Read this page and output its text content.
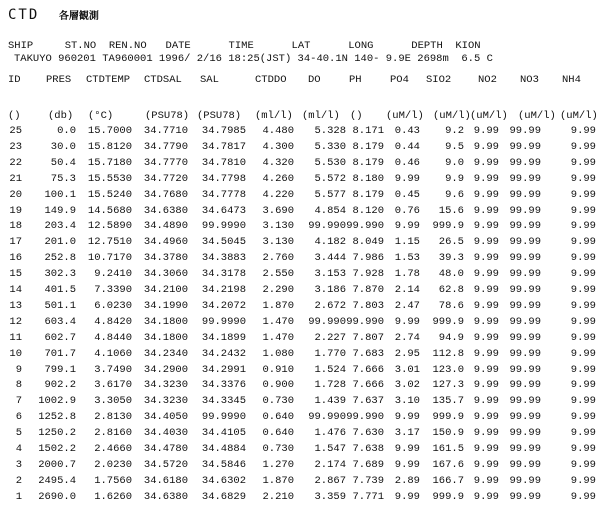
CTD 各層観測
SHIP     ST.NO  REN.NO   DATE      TIME      LAT      LONG      DEPTH  KION
TAKUYO 960201 TA960001 1996/ 2/16 18:25(JST) 34-40.1N 140- 9.9E 2698m  6.5 C
ID PRES CTDTEMP CTDSAL SAL	CTDDO DO	PH	PO4 SIO2	NO2 NO3 NH4
()	(db) (°C)	(PSU78) (PSU78) (ml/l) (ml/l) () (uM/l) (uM/l) (uM/l) (uM/l) (uM/l)
25	0.0 15.7000 34.7710 34.7985 4.480 5.328 8.171 0.43 9.2 9.99 99.99	9.99
23	30.0 15.8120 34.7790 34.7817 4.300 5.330 8.179 0.44 9.5 9.99 99.99	9.99
22	50.4 15.7180 34.7770 34.7810 4.320 5.530 8.179 0.46 9.0 9.99 99.99	9.99
21	75.3 15.5530 34.7720 34.7798 4.260 5.572 8.180 9.99 9.9 9.99 99.99	9.99
20 100.1 15.5240 34.7680 34.7778 4.220 5.577 8.179 0.45 9.6 9.99 99.99	9.99
19 149.9 14.5680 34.6380 34.6473 3.690 4.854 8.120 0.76 15.6 9.99 99.99	9.99
18 203.4 12.5890 34.4890 99.9990 3.130 99.990 99.990 9.99 999.9 9.99 99.99	9.99
17 201.0 12.7510 34.4960 34.5045 3.130 4.182 8.049 1.15 26.5 9.99 99.99	9.99
16 252.8 10.7170 34.3780 34.3883 2.760 3.444 7.986 1.53 39.3 9.99 99.99	9.99
15 302.3 9.2410 34.3060 34.3178 2.550 3.153 7.928 1.78 48.0 9.99 99.99	9.99
14 401.5 7.3390 34.2100 34.2198 2.290 3.186 7.870 2.14 62.8 9.99 99.99	9.99
13 501.1 6.0230 34.1990 34.2072 1.870 2.672 7.803 2.47 78.6 9.99 99.99	9.99
12 603.4 4.8420 34.1800 99.9990 1.470 99.990 99.990 9.99 999.9 9.99 99.99	9.99
11 602.7 4.8440 34.1800 34.1899 1.470 2.227 7.807 2.74 94.9 9.99 99.99	9.99
10 701.7 4.1060 34.2340 34.2432 1.080 1.770 7.683 2.95 112.8 9.99 99.99	9.99
9 799.1 3.7490 34.2900 34.2991 0.910 1.524 7.666 3.01 123.0 9.99 99.99	9.99
8 902.2 3.6170 34.3230 34.3376 0.900 1.728 7.666 3.02 127.3 9.99 99.99	9.99
7 1002.9 3.3050 34.3230 34.3345 0.730 1.439 7.637 3.10 135.7 9.99 99.99	9.99
6 1252.8 2.8130 34.4050 99.9990 0.640 99.990 99.990 9.99 999.9 9.99 99.99	9.99
5 1250.2 2.8160 34.4030 34.4105 0.640 1.476 7.630 3.17 150.9 9.99 99.99	9.99
4 1502.2 2.4660 34.4780 34.4884 0.730 1.547 7.638 9.99 161.5 9.99 99.99	9.99
3 2000.7 2.0230 34.5720 34.5846 1.270 2.174 7.689 9.99 167.6 9.99 99.99	9.99
2 2495.4 1.7560 34.6180 34.6302 1.870 2.867 7.739 2.89 166.7 9.99 99.99	9.99
1 2690.0 1.6260 34.6380 34.6829 2.210 3.359 7.771 9.99 999.9 9.99 99.99	9.99
